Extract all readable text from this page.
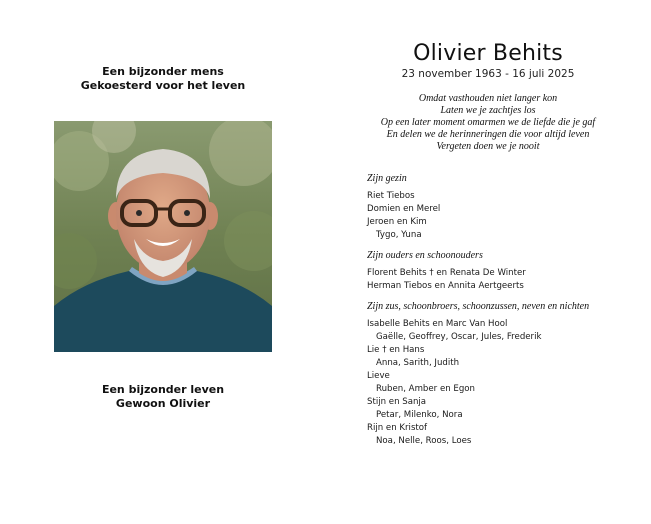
Een bijzonder mens
Gekoesterd voor het leven
Een bijzonder leven
Gewoon Olivier
Olivier Behits
23 november 1963 - 16 juli 2025
Omdat vasthouden niet langer kon
Laten we je zachtjes los
Op een later moment omarmen we de liefde die je gaf
En delen we de herinneringen die voor altijd leven
Vergeten doen we je nooit
Zijn gezin
Riet Tiebos
Domien en Merel
Jeroen en Kim
Tygo, Yuna
Zijn ouders en schoonouders
Florent Behits † en Renata De Winter
Herman Tiebos en Annita Aertgeerts
Zijn zus, schoonbroers, schoonzussen, neven en nichten
Isabelle Behits en Marc Van Hool
Gaëlle, Geoffrey, Oscar, Jules, Frederik
Lie † en Hans
Anna, Sarith, Judith
Lieve
Ruben, Amber en Egon
Stijn en Sanja
Petar, Milenko, Nora
Rijn en Kristof
Noa, Nelle, Roos, Loes
